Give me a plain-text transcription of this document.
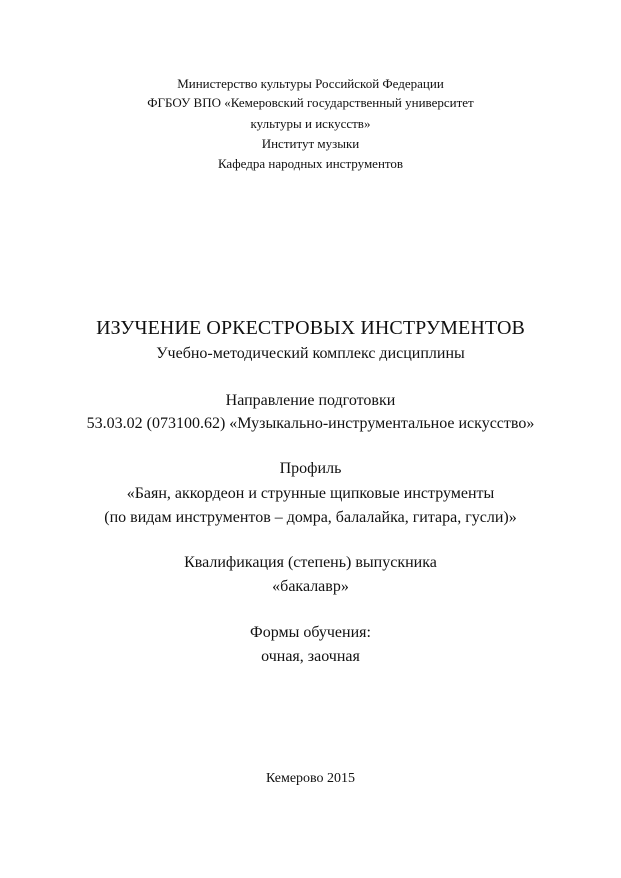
Министерство культуры Российской Федерации
ФГБОУ ВПО «Кемеровский государственный университет
культуры и искусств»
Институт музыки
Кафедра народных инструментов
ИЗУЧЕНИЕ ОРКЕСТРОВЫХ ИНСТРУМЕНТОВ
Учебно-методический комплекс дисциплины
Направление подготовки
53.03.02 (073100.62) «Музыкально-инструментальное искусство»
Профиль
«Баян, аккордеон и струнные щипковые инструменты
(по видам инструментов – домра, балалайка, гитара, гусли)»
Квалификация (степень) выпускника
«бакалавр»
Формы обучения:
очная, заочная
Кемерово 2015
